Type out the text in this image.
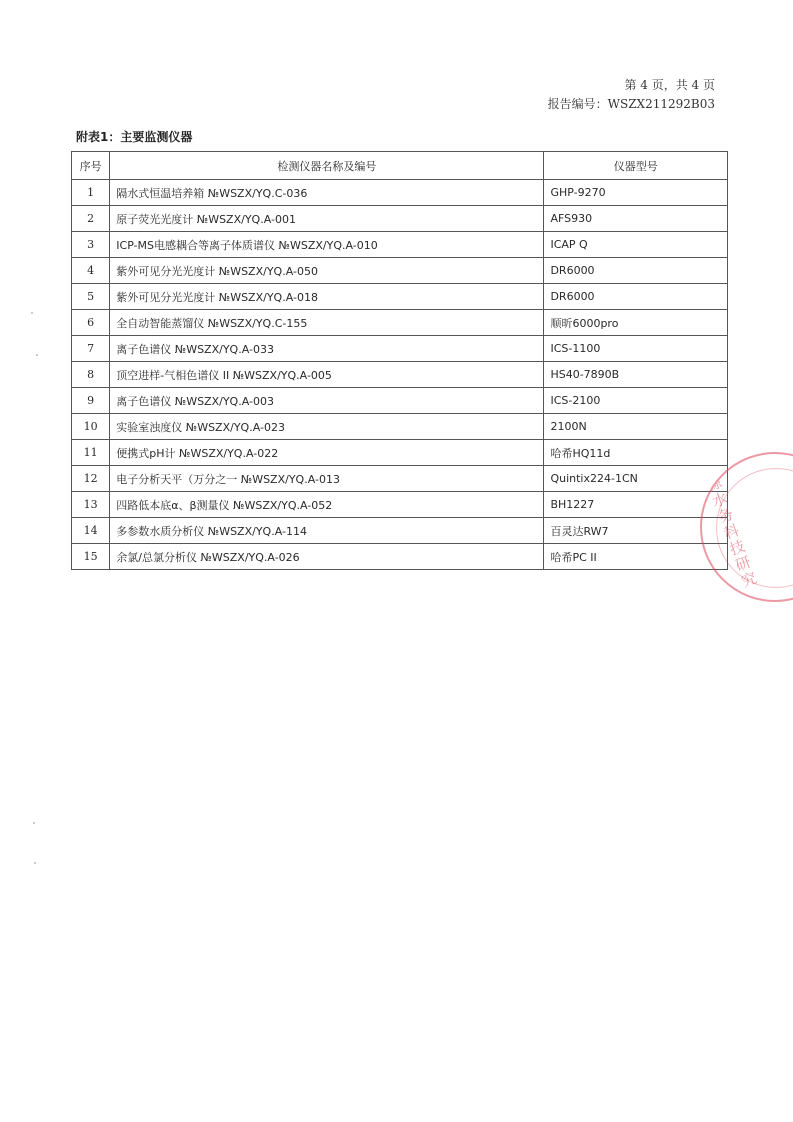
第 4 页，共 4 页
报告编号：WSZX211292B03
附表1：主要监测仪器
序号	检测仪器名称及编号	仪器型号
1	隔水式恒温培养箱 №WSZX/YQ.C-036	GHP-9270
2	原子荧光光度计 №WSZX/YQ.A-001	AFS930
3	ICP-MS电感耦合等离子体质谱仪 №WSZX/YQ.A-010	ICAP Q
4	紫外可见分光光度计 №WSZX/YQ.A-050	DR6000
5	紫外可见分光光度计 №WSZX/YQ.A-018	DR6000
6	全自动智能蒸馏仪 №WSZX/YQ.C-155	顺昕6000pro
7	离子色谱仪 №WSZX/YQ.A-033	ICS-1100
8	顶空进样-气相色谱仪 II №WSZX/YQ.A-005	HS40-7890B
9	离子色谱仪 №WSZX/YQ.A-003	ICS-2100
10	实验室浊度仪 №WSZX/YQ.A-023	2100N
11	便携式pH计 №WSZX/YQ.A-022	哈希HQ11d
12	电子分析天平（万分之一 №WSZX/YQ.A-013	Quintix224-1CN
13	四路低本底α、β测量仪 №WSZX/YQ.A-052	BH1227
14	多参数水质分析仪 №WSZX/YQ.A-114	百灵达RW7
15	余氯/总氯分析仪 №WSZX/YQ.A-026	哈希PC II
源水务科技研究
